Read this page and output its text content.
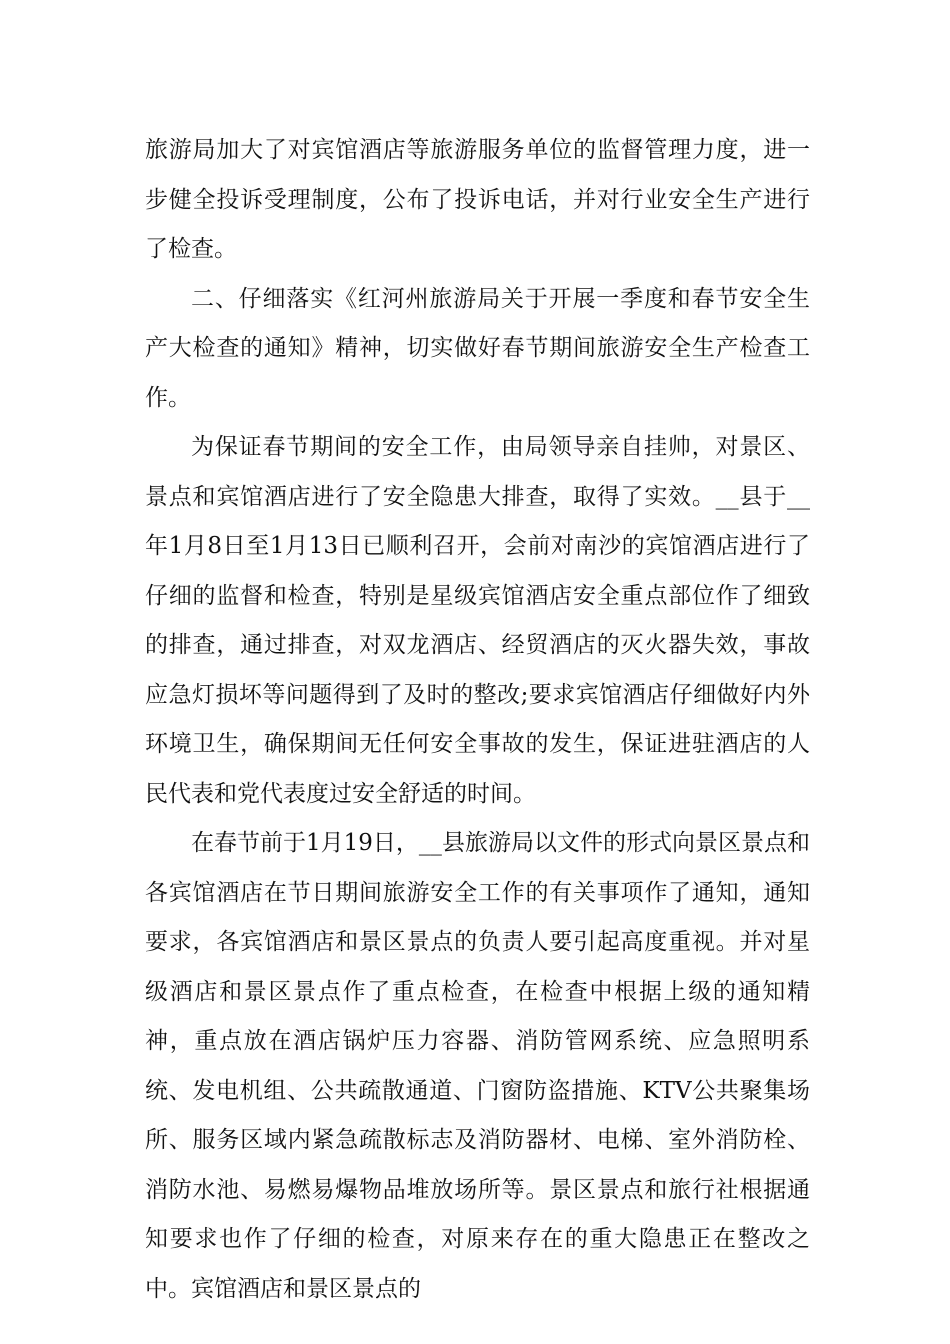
旅游局加大了对宾馆酒店等旅游服务单位的监督管理力度，进一步健全投诉受理制度，公布了投诉电话，并对行业安全生产进行了检查。

二、仔细落实《红河州旅游局关于开展一季度和春节安全生产大检查的通知》精神，切实做好春节期间旅游安全生产检查工作。

为保证春节期间的安全工作，由局领导亲自挂帅，对景区、景点和宾馆酒店进行了安全隐患大排查，取得了实效。__县于__年1月8日至1月13日已顺利召开，会前对南沙的宾馆酒店进行了仔细的监督和检查，特别是星级宾馆酒店安全重点部位作了细致的排查，通过排查，对双龙酒店、经贸酒店的灭火器失效，事故应急灯损坏等问题得到了及时的整改;要求宾馆酒店仔细做好内外环境卫生，确保期间无任何安全事故的发生，保证进驻酒店的人民代表和党代表度过安全舒适的时间。

在春节前于1月19日，__县旅游局以文件的形式向景区景点和各宾馆酒店在节日期间旅游安全工作的有关事项作了通知，通知要求，各宾馆酒店和景区景点的负责人要引起高度重视。并对星级酒店和景区景点作了重点检查，在检查中根据上级的通知精神，重点放在酒店锅炉压力容器、消防管网系统、应急照明系统、发电机组、公共疏散通道、门窗防盗措施、KTV公共聚集场所、服务区域内紧急疏散标志及消防器材、电梯、室外消防栓、消防水池、易燃易爆物品堆放场所等。景区景点和旅行社根据通知要求也作了仔细的检查，对原来存在的重大隐患正在整改之中。宾馆酒店和景区景点的
